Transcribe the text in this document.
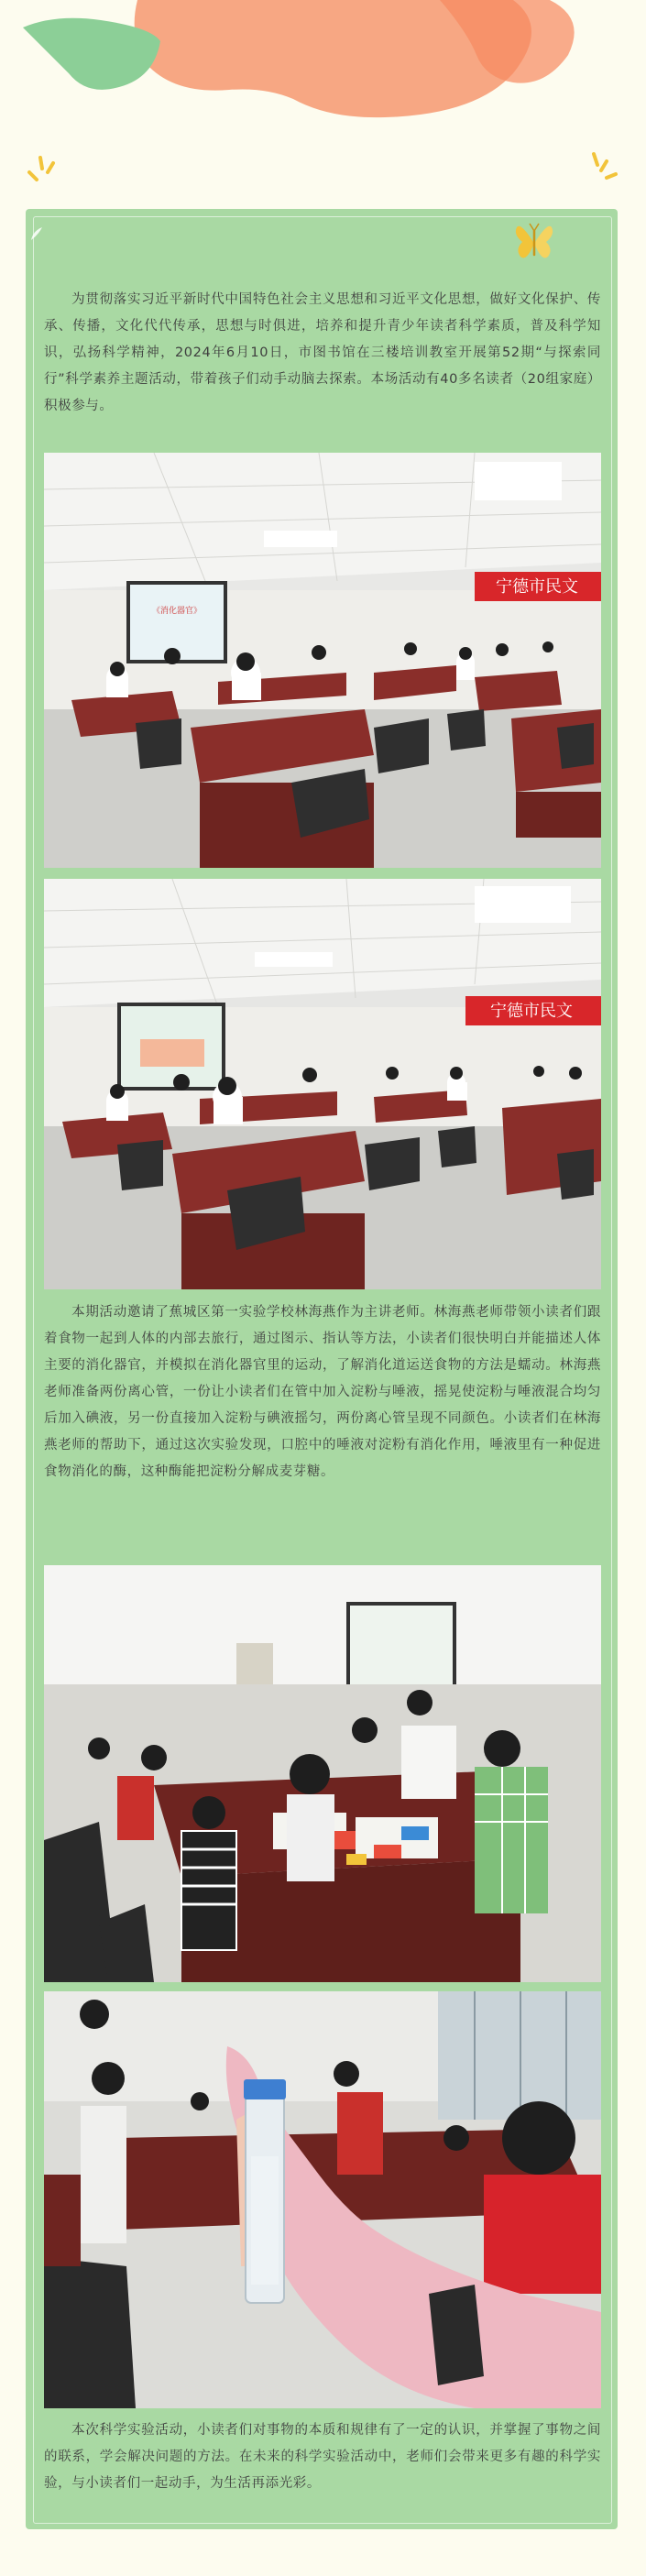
为贯彻落实习近平新时代中国特色社会主义思想和习近平文化思想，做好文化保护、传承、传播，文化代代传承，思想与时俱进，培养和提升青少年读者科学素质，普及科学知识，弘扬科学精神，2024年6月10日，市图书馆在三楼培训教室开展第52期“与探索同行”科学素养主题活动，带着孩子们动手动脑去探索。本场活动有40多名读者（20组家庭）积极参与。

《消化器官》
宁德市民文
宁德市民文

本期活动邀请了蕉城区第一实验学校林海燕作为主讲老师。林海燕老师带领小读者们跟着食物一起到人体的内部去旅行，通过图示、指认等方法，小读者们很快明白并能描述人体主要的消化器官，并模拟在消化器官里的运动，了解消化道运送食物的方法是蠕动。林海燕老师准备两份离心管，一份让小读者们在管中加入淀粉与唾液，摇晃使淀粉与唾液混合均匀后加入碘液，另一份直接加入淀粉与碘液摇匀，两份离心管呈现不同颜色。小读者们在林海燕老师的帮助下，通过这次实验发现，口腔中的唾液对淀粉有消化作用，唾液里有一种促进食物消化的酶，这种酶能把淀粉分解成麦芽糖。

本次科学实验活动，小读者们对事物的本质和规律有了一定的认识，并掌握了事物之间的联系，学会解决问题的方法。在未来的科学实验活动中，老师们会带来更多有趣的科学实验，与小读者们一起动手，为生活再添光彩。
